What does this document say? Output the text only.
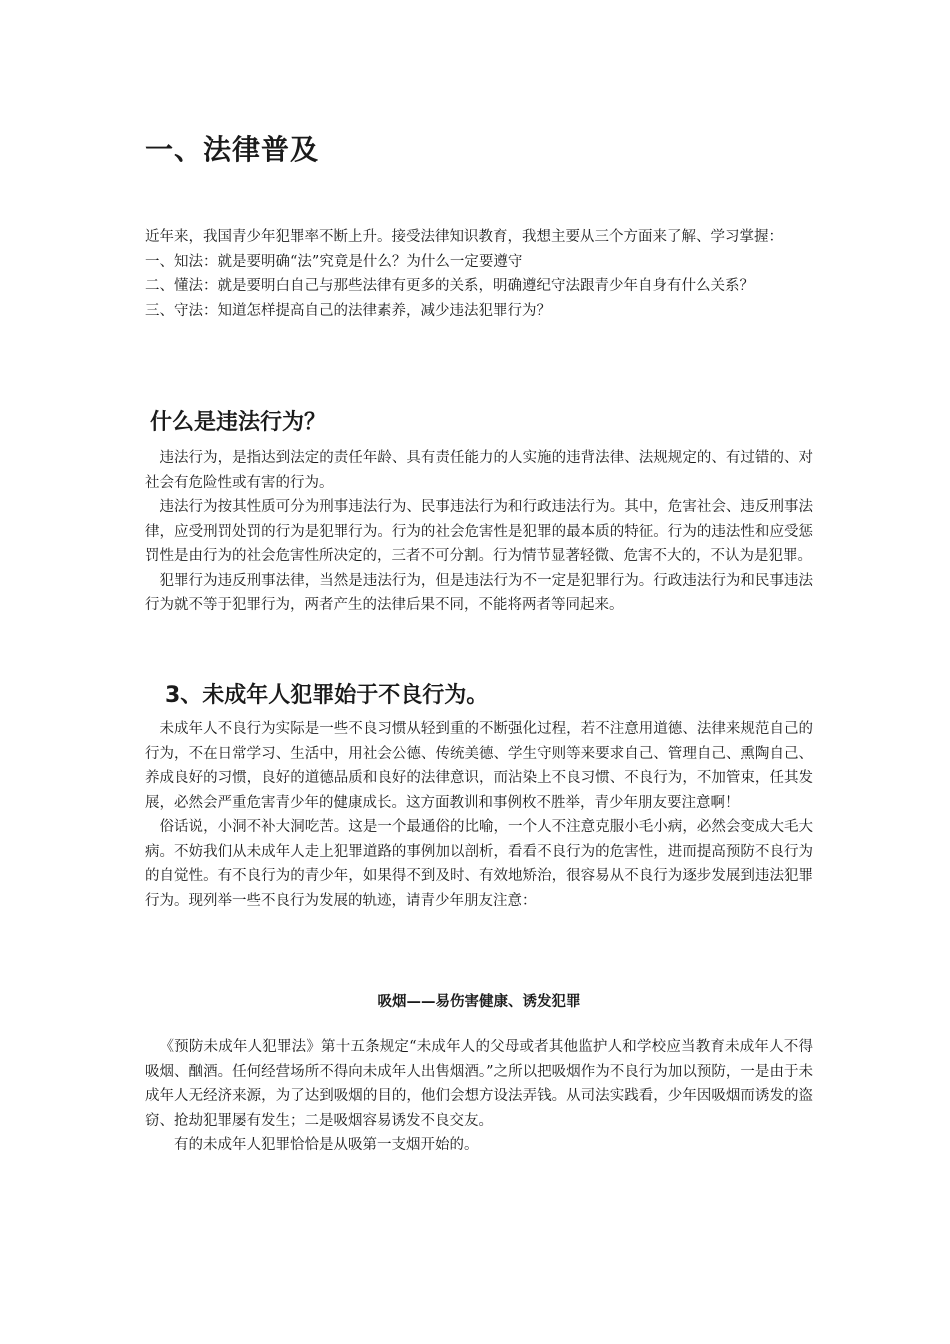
一、法律普及

近年来，我国青少年犯罪率不断上升。接受法律知识教育，我想主要从三个方面来了解、学习掌握：

一、知法：就是要明确“法”究竟是什么？为什么一定要遵守

二、懂法：就是要明白自己与那些法律有更多的关系，明确遵纪守法跟青少年自身有什么关系？

三、守法：知道怎样提高自己的法律素养，减少违法犯罪行为？

什么是违法行为？

违法行为，是指达到法定的责任年龄、具有责任能力的人实施的违背法律、法规规定的、有过错的、对社会有危险性或有害的行为。

违法行为按其性质可分为刑事违法行为、民事违法行为和行政违法行为。其中，危害社会、违反刑事法律，应受刑罚处罚的行为是犯罪行为。行为的社会危害性是犯罪的最本质的特征。行为的违法性和应受惩罚性是由行为的社会危害性所决定的，三者不可分割。行为情节显著轻微、危害不大的，不认为是犯罪。

犯罪行为违反刑事法律，当然是违法行为，但是违法行为不一定是犯罪行为。行政违法行为和民事违法行为就不等于犯罪行为，两者产生的法律后果不同，不能将两者等同起来。

3、未成年人犯罪始于不良行为。

未成年人不良行为实际是一些不良习惯从轻到重的不断强化过程，若不注意用道德、法律来规范自己的行为，不在日常学习、生活中，用社会公德、传统美德、学生守则等来要求自己、管理自己、熏陶自己、养成良好的习惯，良好的道德品质和良好的法律意识，而沾染上不良习惯、不良行为，不加管束，任其发展，必然会严重危害青少年的健康成长。这方面教训和事例枚不胜举，青少年朋友要注意啊！

俗话说，小洞不补大洞吃苦。这是一个最通俗的比喻，一个人不注意克服小毛小病，必然会变成大毛大病。不妨我们从未成年人走上犯罪道路的事例加以剖析，看看不良行为的危害性，进而提高预防不良行为的自觉性。有不良行为的青少年，如果得不到及时、有效地矫治，很容易从不良行为逐步发展到违法犯罪行为。现列举一些不良行为发展的轨迹，请青少年朋友注意：

吸烟——易伤害健康、诱发犯罪

《预防未成年人犯罪法》第十五条规定“未成年人的父母或者其他监护人和学校应当教育未成年人不得吸烟、酗酒。任何经营场所不得向未成年人出售烟酒。”之所以把吸烟作为不良行为加以预防，一是由于未成年人无经济来源，为了达到吸烟的目的，他们会想方设法弄钱。从司法实践看，少年因吸烟而诱发的盗窃、抢劫犯罪屡有发生；二是吸烟容易诱发不良交友。

有的未成年人犯罪恰恰是从吸第一支烟开始的。
